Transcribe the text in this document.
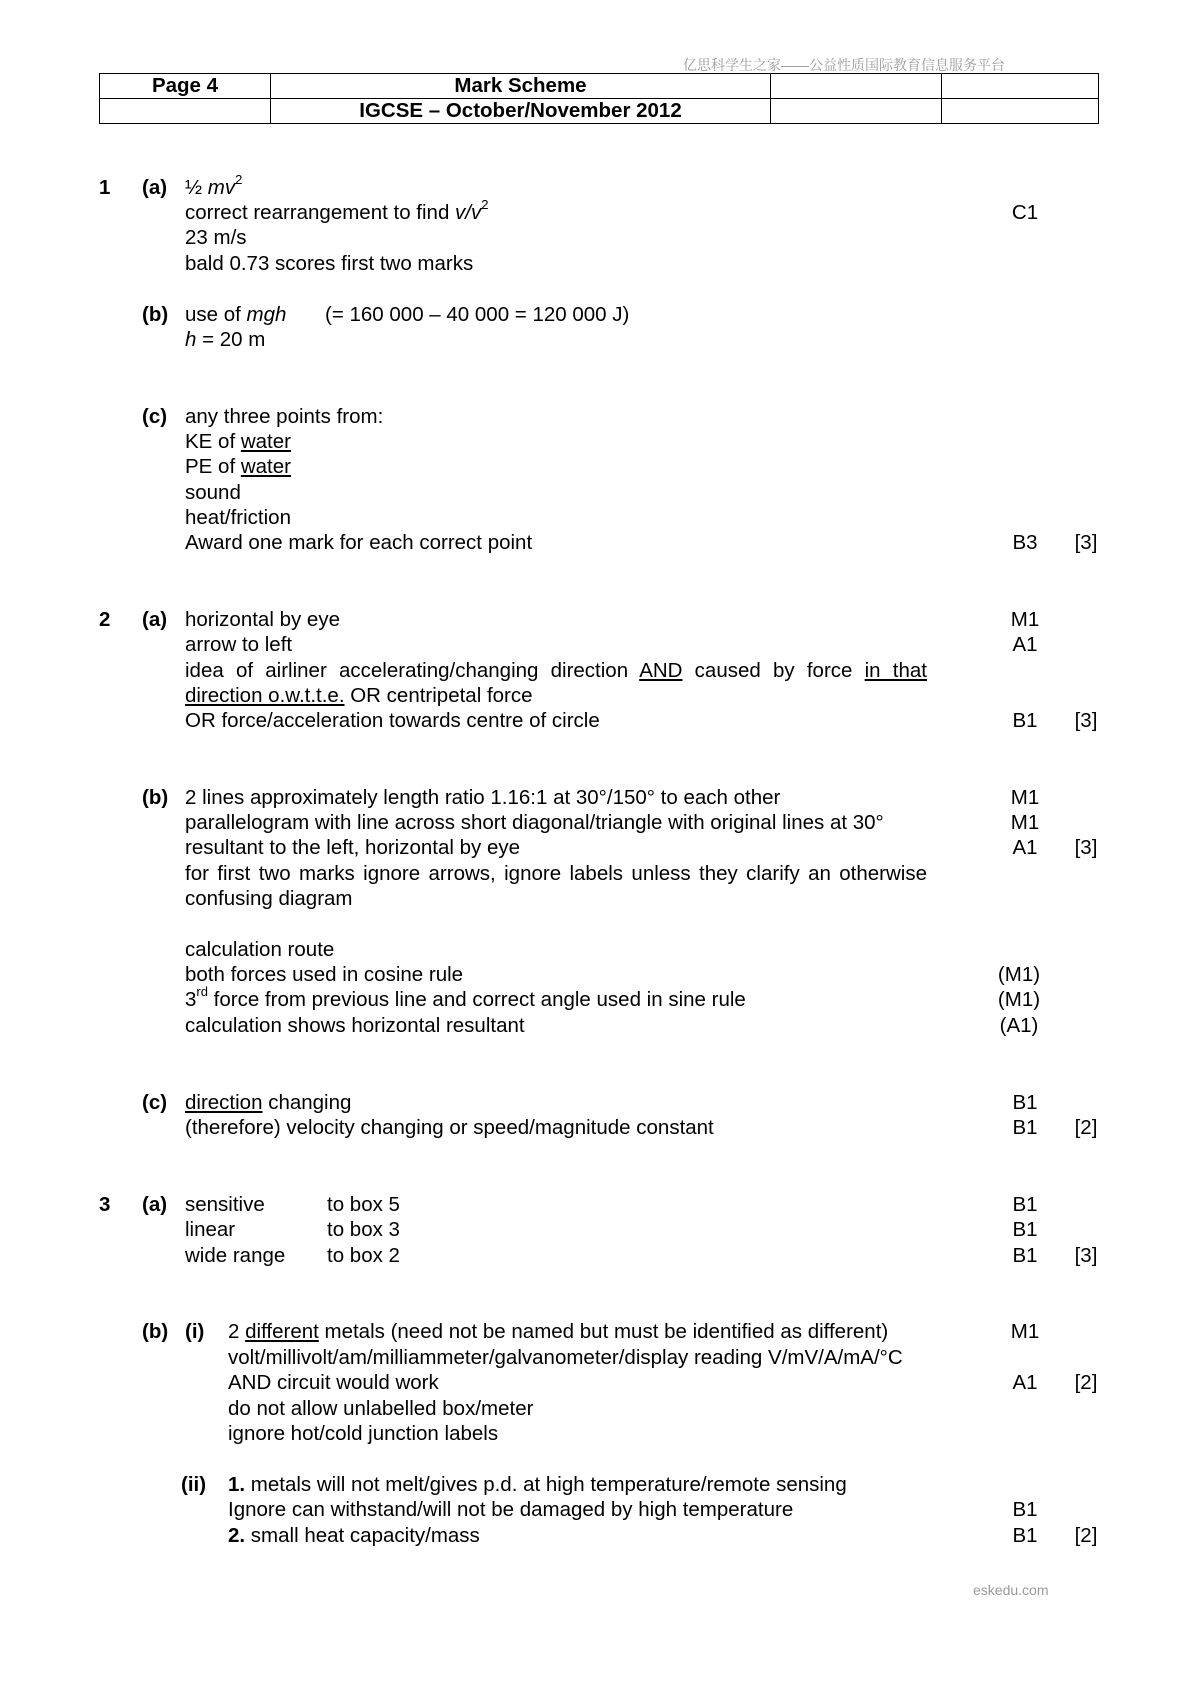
亿思科学生之家——公益性质国际教育信息服务平台
Page 4	Mark Scheme		
	IGCSE – October/November 2012		
1 (a) ½ $mv^2$
correct rearrangement to find $v/v^2$	C1
23 m/s
bald 0.73 scores first two marks
(b) use of mgh (= 160 000 – 40 000 = 120 000 J)
h = 20 m
(c) any three points from:
KE of water
PE of water
sound
heat/friction
Award one mark for each correct point	B3	[3]
2 (a) horizontal by eye	M1
arrow to left	A1
idea of airliner accelerating/changing direction AND caused by force in that
direction o.w.t.t.e. OR centripetal force
OR force/acceleration towards centre of circle	B1	[3]
(b) 2 lines approximately length ratio 1.16:1 at 30°/150° to each other	M1
parallelogram with line across short diagonal/triangle with original lines at 30°	M1
resultant to the left, horizontal by eye	A1	[3]
for first two marks ignore arrows, ignore labels unless they clarify an otherwise
confusing diagram
calculation route
both forces used in cosine rule	(M1)
3rd force from previous line and correct angle used in sine rule	(M1)
calculation shows horizontal resultant	(A1)
(c) direction changing	B1
(therefore) velocity changing or speed/magnitude constant	B1	[2]
3 (a) sensitive	to box 5	B1
linear	to box 3	B1
wide range to box 2	B1	[3]
(b) (i) 2 different metals (need not be named but must be identified as different)	M1
volt/millivolt/am/milliammeter/galvanometer/display reading V/mV/A/mA/°C
AND circuit would work	A1	[2]
do not allow unlabelled box/meter
ignore hot/cold junction labels
(ii) 1. metals will not melt/gives p.d. at high temperature/remote sensing
Ignore can withstand/will not be damaged by high temperature	B1
2. small heat capacity/mass	B1	[2]
eskedu.com
